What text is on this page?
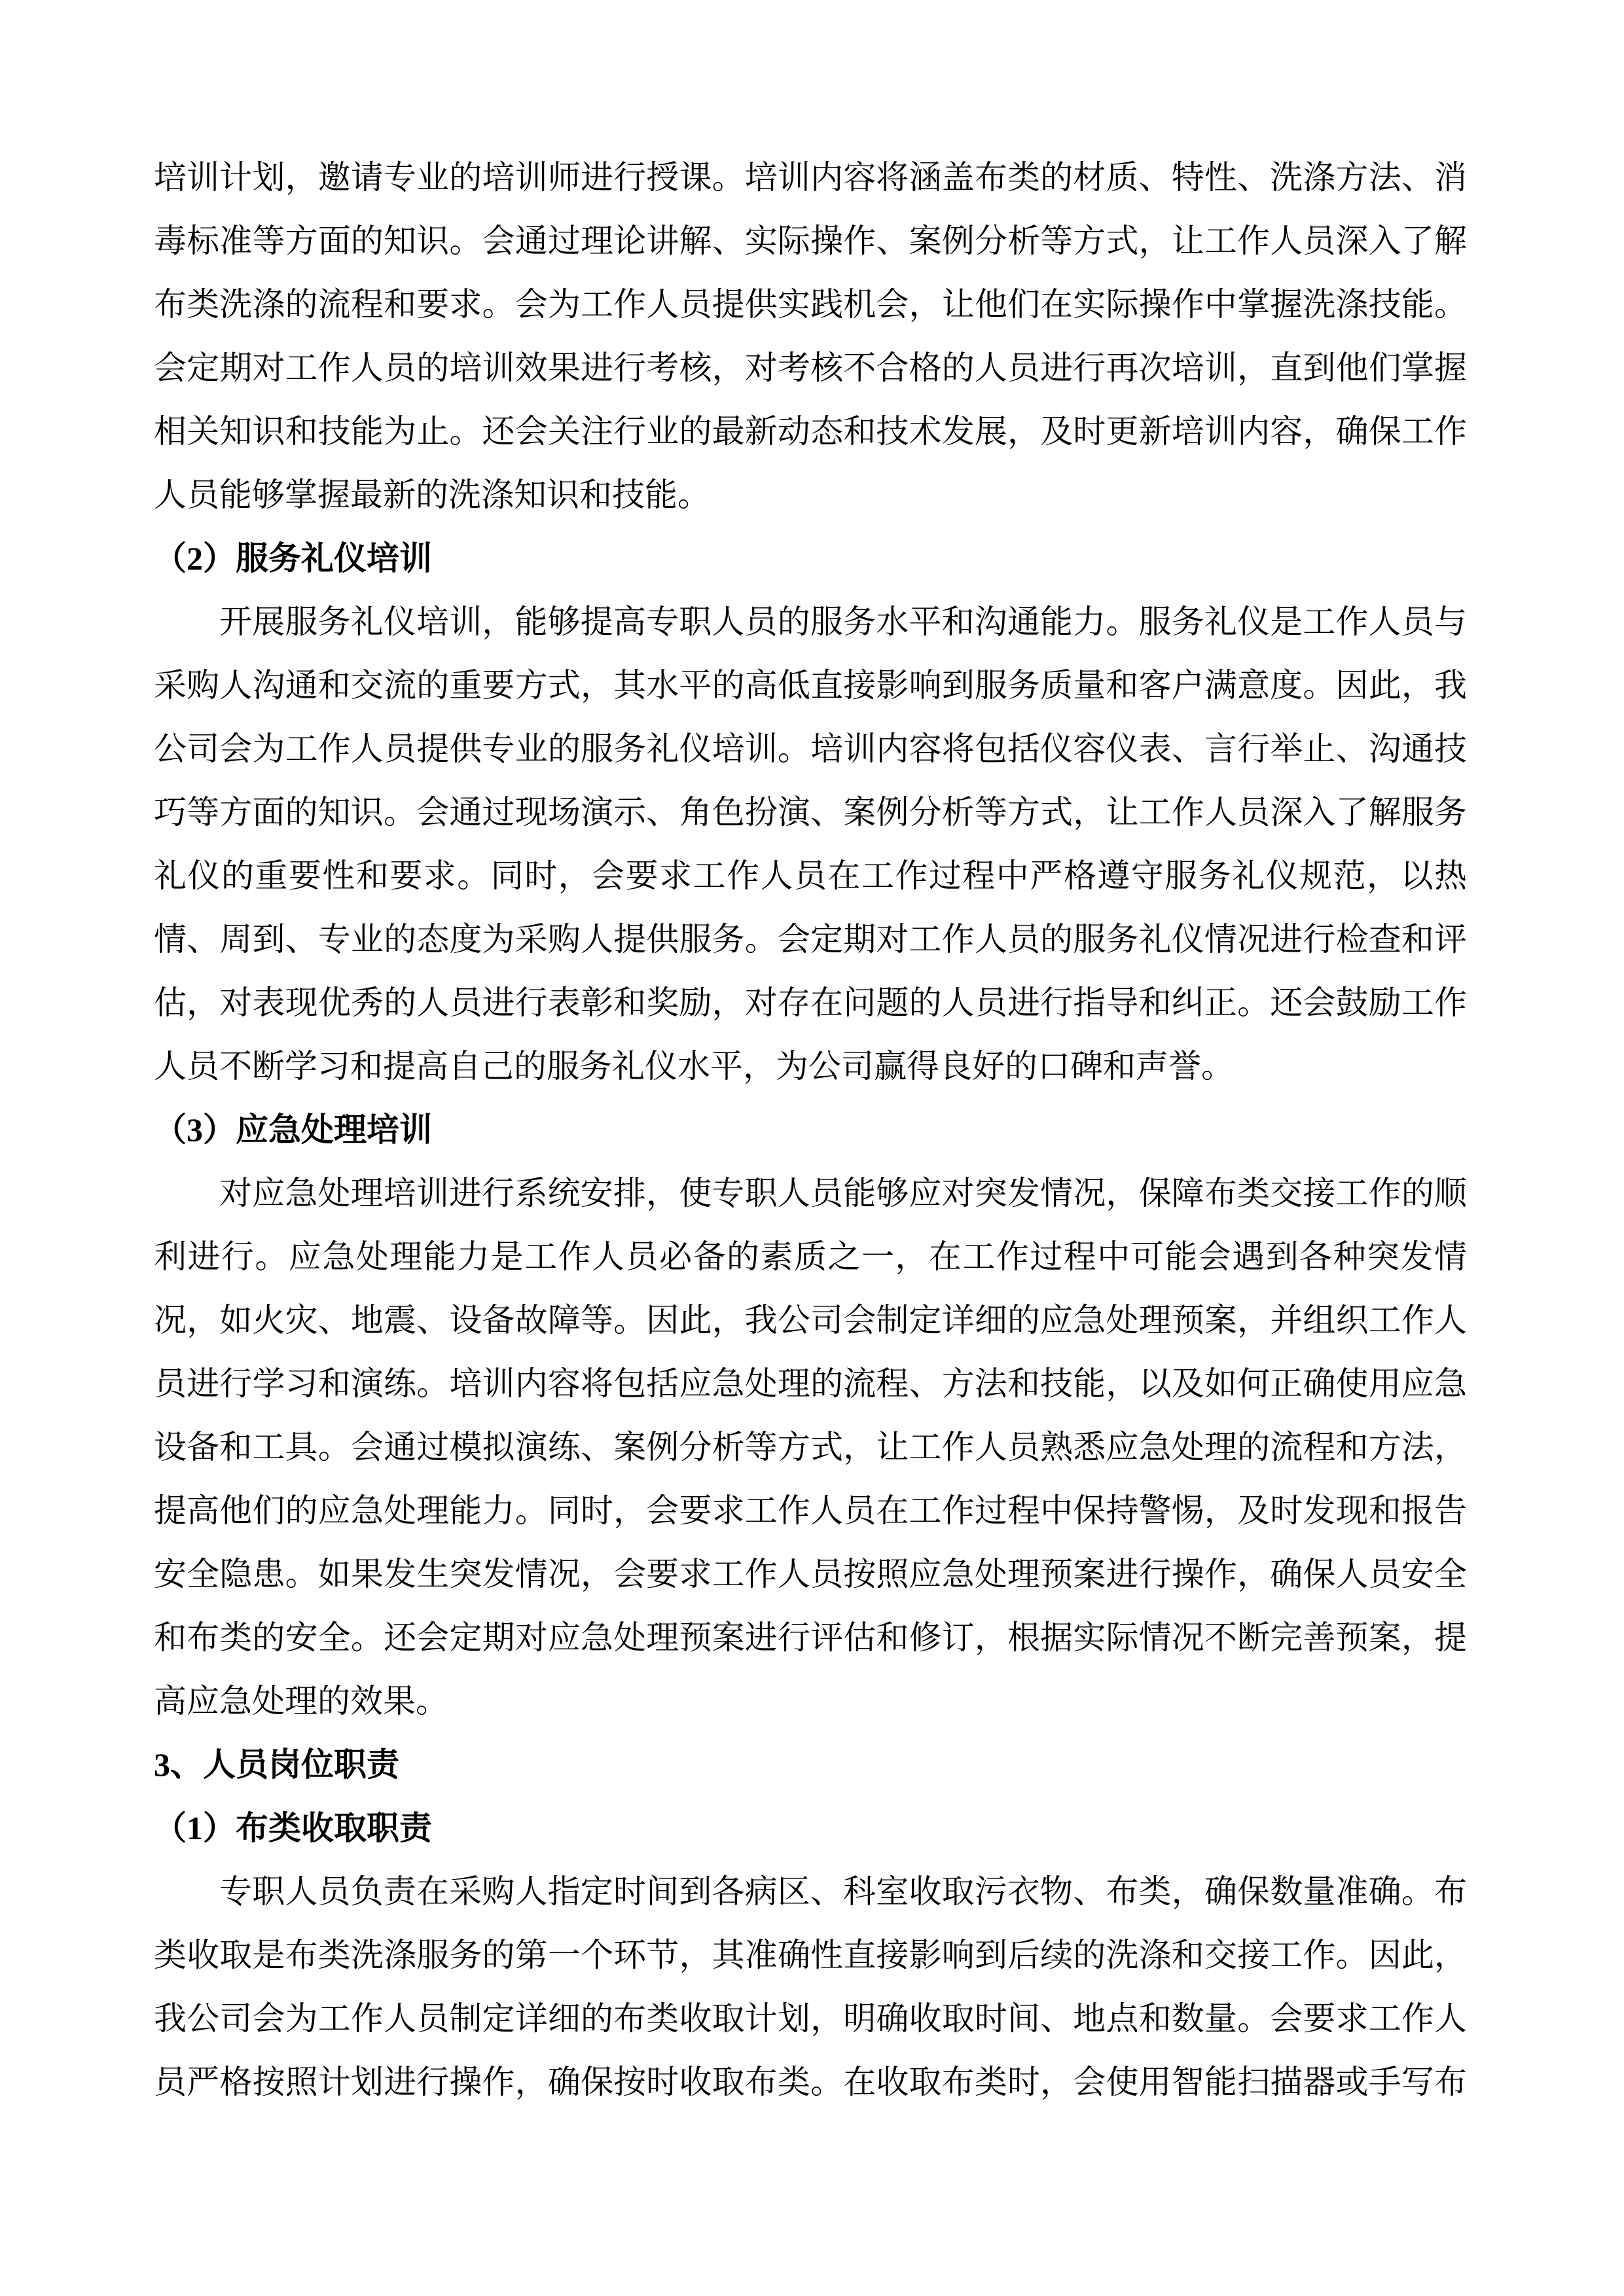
培训计划，邀请专业的培训师进行授课。培训内容将涵盖布类的材质、特性、洗涤方法、消
毒标准等方面的知识。会通过理论讲解、实际操作、案例分析等方式，让工作人员深入了解
布类洗涤的流程和要求。会为工作人员提供实践机会，让他们在实际操作中掌握洗涤技能。
会定期对工作人员的培训效果进行考核，对考核不合格的人员进行再次培训，直到他们掌握
相关知识和技能为止。还会关注行业的最新动态和技术发展，及时更新培训内容，确保工作
人员能够掌握最新的洗涤知识和技能。
（2）服务礼仪培训
开展服务礼仪培训，能够提高专职人员的服务水平和沟通能力。服务礼仪是工作人员与
采购人沟通和交流的重要方式，其水平的高低直接影响到服务质量和客户满意度。因此，我
公司会为工作人员提供专业的服务礼仪培训。培训内容将包括仪容仪表、言行举止、沟通技
巧等方面的知识。会通过现场演示、角色扮演、案例分析等方式，让工作人员深入了解服务
礼仪的重要性和要求。同时，会要求工作人员在工作过程中严格遵守服务礼仪规范，以热
情、周到、专业的态度为采购人提供服务。会定期对工作人员的服务礼仪情况进行检查和评
估，对表现优秀的人员进行表彰和奖励，对存在问题的人员进行指导和纠正。还会鼓励工作
人员不断学习和提高自己的服务礼仪水平，为公司赢得良好的口碑和声誉。
（3）应急处理培训
对应急处理培训进行系统安排，使专职人员能够应对突发情况，保障布类交接工作的顺
利进行。应急处理能力是工作人员必备的素质之一，在工作过程中可能会遇到各种突发情
况，如火灾、地震、设备故障等。因此，我公司会制定详细的应急处理预案，并组织工作人
员进行学习和演练。培训内容将包括应急处理的流程、方法和技能，以及如何正确使用应急
设备和工具。会通过模拟演练、案例分析等方式，让工作人员熟悉应急处理的流程和方法，
提高他们的应急处理能力。同时，会要求工作人员在工作过程中保持警惕，及时发现和报告
安全隐患。如果发生突发情况，会要求工作人员按照应急处理预案进行操作，确保人员安全
和布类的安全。还会定期对应急处理预案进行评估和修订，根据实际情况不断完善预案，提
高应急处理的效果。
3、人员岗位职责
（1）布类收取职责
专职人员负责在采购人指定时间到各病区、科室收取污衣物、布类，确保数量准确。布
类收取是布类洗涤服务的第一个环节，其准确性直接影响到后续的洗涤和交接工作。因此，
我公司会为工作人员制定详细的布类收取计划，明确收取时间、地点和数量。会要求工作人
员严格按照计划进行操作，确保按时收取布类。在收取布类时，会使用智能扫描器或手写布
